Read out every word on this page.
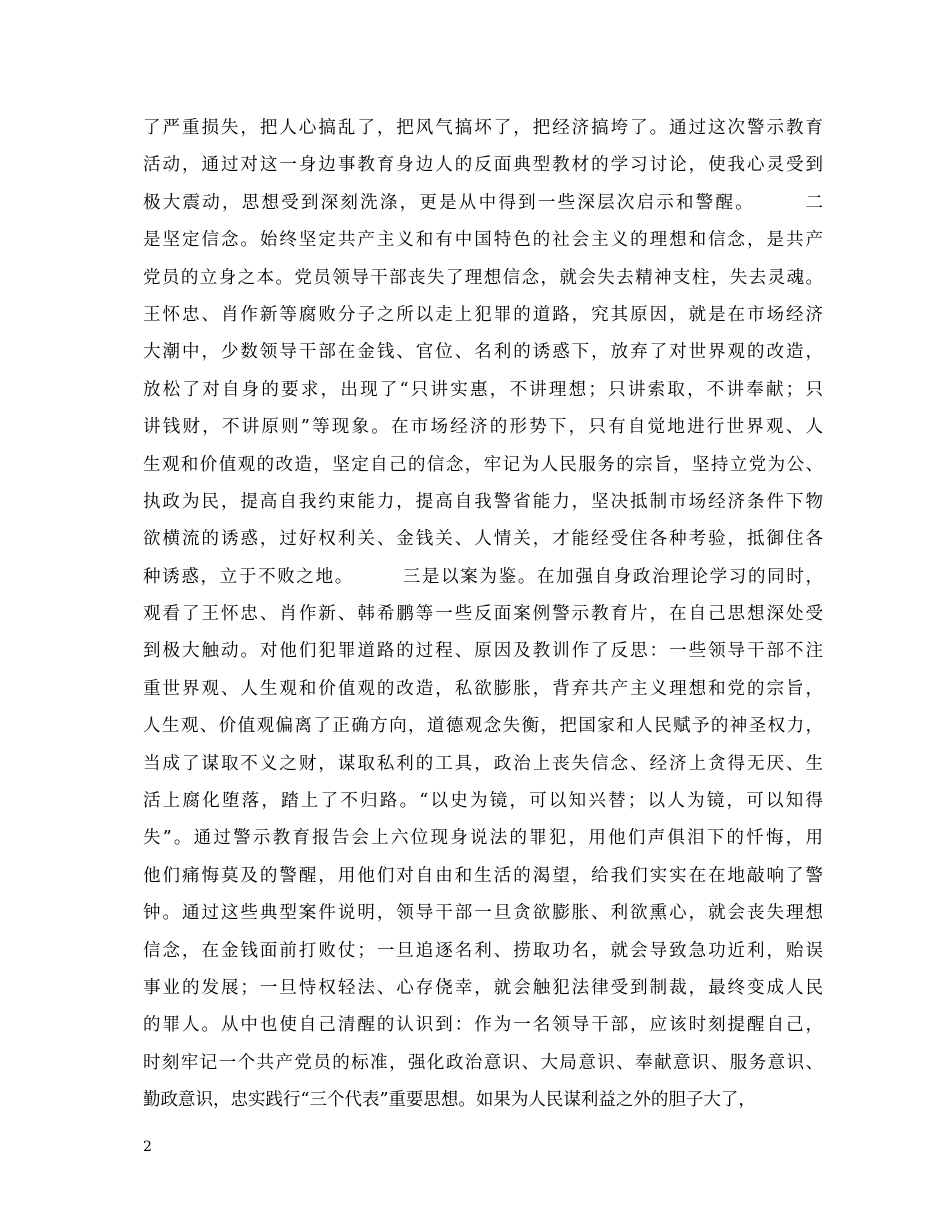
了严重损失，把人心搞乱了，把风气搞坏了，把经济搞垮了。通过这次警示教育
活动，通过对这一身边事教育身边人的反面典型教材的学习讨论，使我心灵受到
极大震动，思想受到深刻洗涤，更是从中得到一些深层次启示和警醒。　　　二
是坚定信念。始终坚定共产主义和有中国特色的社会主义的理想和信念，是共产
党员的立身之本。党员领导干部丧失了理想信念，就会失去精神支柱，失去灵魂。
王怀忠、肖作新等腐败分子之所以走上犯罪的道路，究其原因，就是在市场经济
大潮中，少数领导干部在金钱、官位、名利的诱惑下，放弃了对世界观的改造，
放松了对自身的要求，出现了“只讲实惠，不讲理想；只讲索取，不讲奉献；只
讲钱财，不讲原则”等现象。在市场经济的形势下，只有自觉地进行世界观、人
生观和价值观的改造，坚定自己的信念，牢记为人民服务的宗旨，坚持立党为公、
执政为民，提高自我约束能力，提高自我警省能力，坚决抵制市场经济条件下物
欲横流的诱惑，过好权利关、金钱关、人情关，才能经受住各种考验，抵御住各
种诱惑，立于不败之地。　　　三是以案为鉴。在加强自身政治理论学习的同时，
观看了王怀忠、肖作新、韩希鹏等一些反面案例警示教育片，在自己思想深处受
到极大触动。对他们犯罪道路的过程、原因及教训作了反思：一些领导干部不注
重世界观、人生观和价值观的改造，私欲膨胀，背弃共产主义理想和党的宗旨，
人生观、价值观偏离了正确方向，道德观念失衡，把国家和人民赋予的神圣权力，
当成了谋取不义之财，谋取私利的工具，政治上丧失信念、经济上贪得无厌、生
活上腐化堕落，踏上了不归路。“以史为镜，可以知兴替；以人为镜，可以知得
失”。通过警示教育报告会上六位现身说法的罪犯，用他们声俱泪下的忏悔，用
他们痛悔莫及的警醒，用他们对自由和生活的渴望，给我们实实在在地敲响了警
钟。通过这些典型案件说明，领导干部一旦贪欲膨胀、利欲熏心，就会丧失理想
信念，在金钱面前打败仗；一旦追逐名利、捞取功名，就会导致急功近利，贻误
事业的发展；一旦恃权轻法、心存侥幸，就会触犯法律受到制裁，最终变成人民
的罪人。从中也使自己清醒的认识到：作为一名领导干部，应该时刻提醒自己，
时刻牢记一个共产党员的标准，强化政治意识、大局意识、奉献意识、服务意识、
勤政意识，忠实践行“三个代表”重要思想。如果为人民谋利益之外的胆子大了，
2
